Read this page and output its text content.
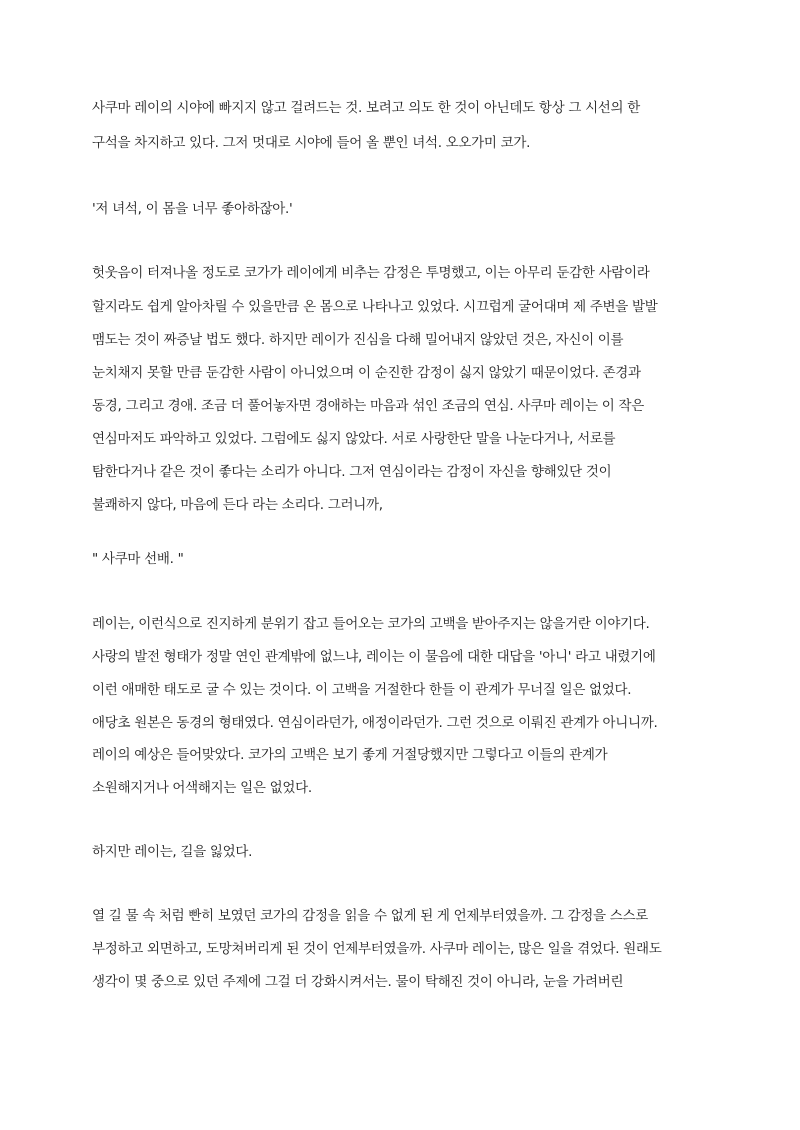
사쿠마 레이의 시야에 빠지지 않고 걸려드는 것. 보려고 의도 한 것이 아닌데도 항상 그 시선의 한
구석을 차지하고 있다. 그저 멋대로 시야에 들어 올 뿐인 녀석. 오오가미 코가.
'저 녀석, 이 몸을 너무 좋아하잖아.'
헛웃음이 터져나올 정도로 코가가 레이에게 비추는 감정은 투명했고, 이는 아무리 둔감한 사람이라
할지라도 쉽게 알아차릴 수 있을만큼 온 몸으로 나타나고 있었다. 시끄럽게 굴어대며 제 주변을 발발
맴도는 것이 짜증날 법도 했다. 하지만 레이가 진심을 다해 밀어내지 않았던 것은, 자신이 이를
눈치채지 못할 만큼 둔감한 사람이 아니었으며 이 순진한 감정이 싫지 않았기 때문이었다. 존경과
동경, 그리고 경애. 조금 더 풀어놓자면 경애하는 마음과 섞인 조금의 연심. 사쿠마 레이는 이 작은
연심마저도 파악하고 있었다. 그럼에도 싫지 않았다. 서로 사랑한단 말을 나눈다거나, 서로를
탐한다거나 같은 것이 좋다는 소리가 아니다. 그저 연심이라는 감정이 자신을 향해있단 것이
불쾌하지 않다, 마음에 든다 라는 소리다. 그러니까,
" 사쿠마 선배. "
레이는, 이런식으로 진지하게 분위기 잡고 들어오는 코가의 고백을 받아주지는 않을거란 이야기다.
사랑의 발전 형태가 정말 연인 관계밖에 없느냐, 레이는 이 물음에 대한 대답을 '아니' 라고 내렸기에
이런 애매한 태도로 굴 수 있는 것이다. 이 고백을 거절한다 한들 이 관계가 무너질 일은 없었다.
애당초 원본은 동경의 형태였다. 연심이라던가, 애정이라던가. 그런 것으로 이뤄진 관계가 아니니까.
레이의 예상은 들어맞았다. 코가의 고백은 보기 좋게 거절당했지만 그렇다고 이들의 관계가
소원해지거나 어색해지는 일은 없었다.
하지만 레이는, 길을 잃었다.
열 길 물 속 처럼 빤히 보였던 코가의 감정을 읽을 수 없게 된 게 언제부터였을까. 그 감정을 스스로
부정하고 외면하고, 도망쳐버리게 된 것이 언제부터였을까. 사쿠마 레이는, 많은 일을 겪었다. 원래도
생각이 몇 중으로 있던 주제에 그걸 더 강화시켜서는. 물이 탁해진 것이 아니라, 눈을 가려버린
